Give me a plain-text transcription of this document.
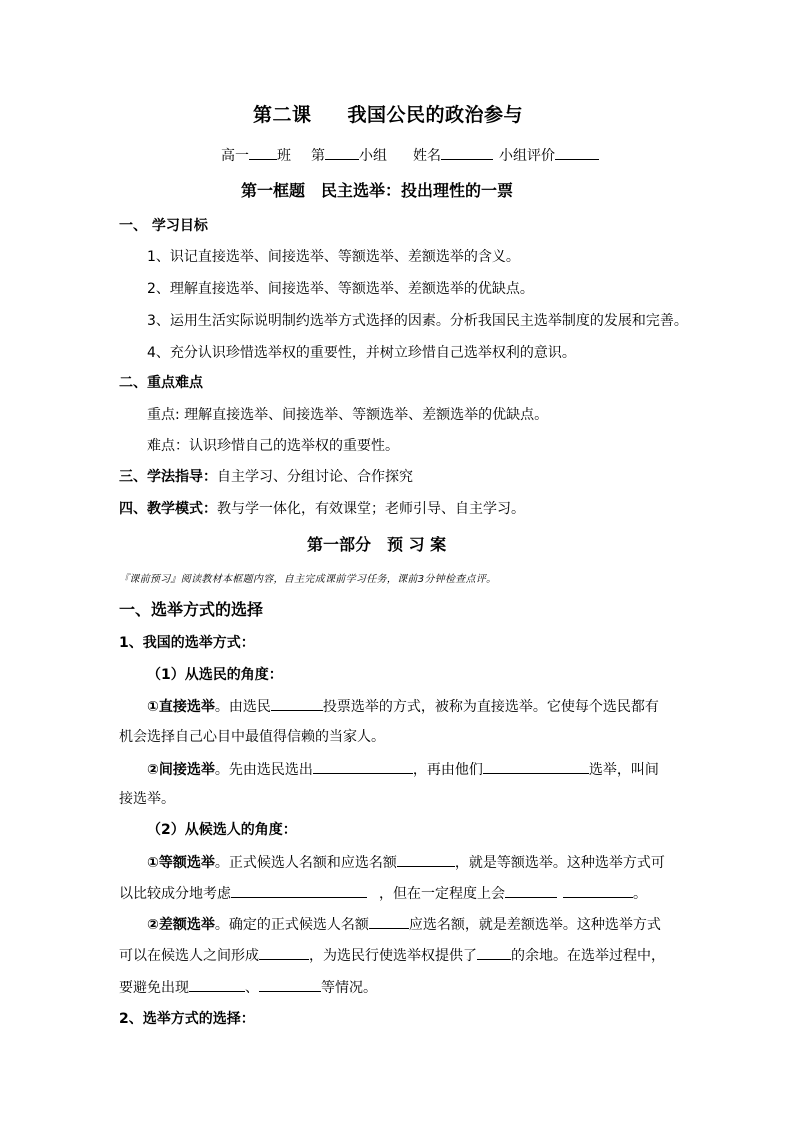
第二课 我国公民的政治参与
高一 班 第 小组 姓名	小组评价
第一框题　民主选举：投出理性的一票
一、 学习目标
1、识记直接选举、间接选举、等额选举、差额选举的含义。
2、理解直接选举、间接选举、等额选举、差额选举的优缺点。
3、运用生活实际说明制约选举方式选择的因素。分析我国民主选举制度的发展和完善。
4、充分认识珍惜选举权的重要性，并树立珍惜自己选举权利的意识。
二、重点难点
重点: 理解直接选举、间接选举、等额选举、差额选举的优缺点。
难点：认识珍惜自己的选举权的重要性。
三、学法指导：自主学习、分组讨论、合作探究
四、教学模式：教与学一体化，有效课堂；老师引导、自主学习。
第一部分　预 习 案
『课前预习』阅读教材本框题内容，自主完成课前学习任务，课前3分钟检查点评。
一、选举方式的选择
1、我国的选举方式：
（1）从选民的角度：
①直接选举。由选民	投票选举的方式，被称为直接选举。它使每个选民都有
机会选择自己心目中最值得信赖的当家人。
②间接选举。先由选民选出	，再由他们	选举，叫间
接选举。
（2）从候选人的角度：
①等额选举。正式候选人名额和应选名额	，就是等额选举。这种选举方式可
以比较成分地考虑	，但在一定程度上会	。
②差额选举。确定的正式候选人名额	应选名额，就是差额选举。这种选举方式
可以在候选人之间形成	，为选民行使选举权提供了 的余地。在选举过程中，
要避免出现	、	等情况。
2、选举方式的选择：
